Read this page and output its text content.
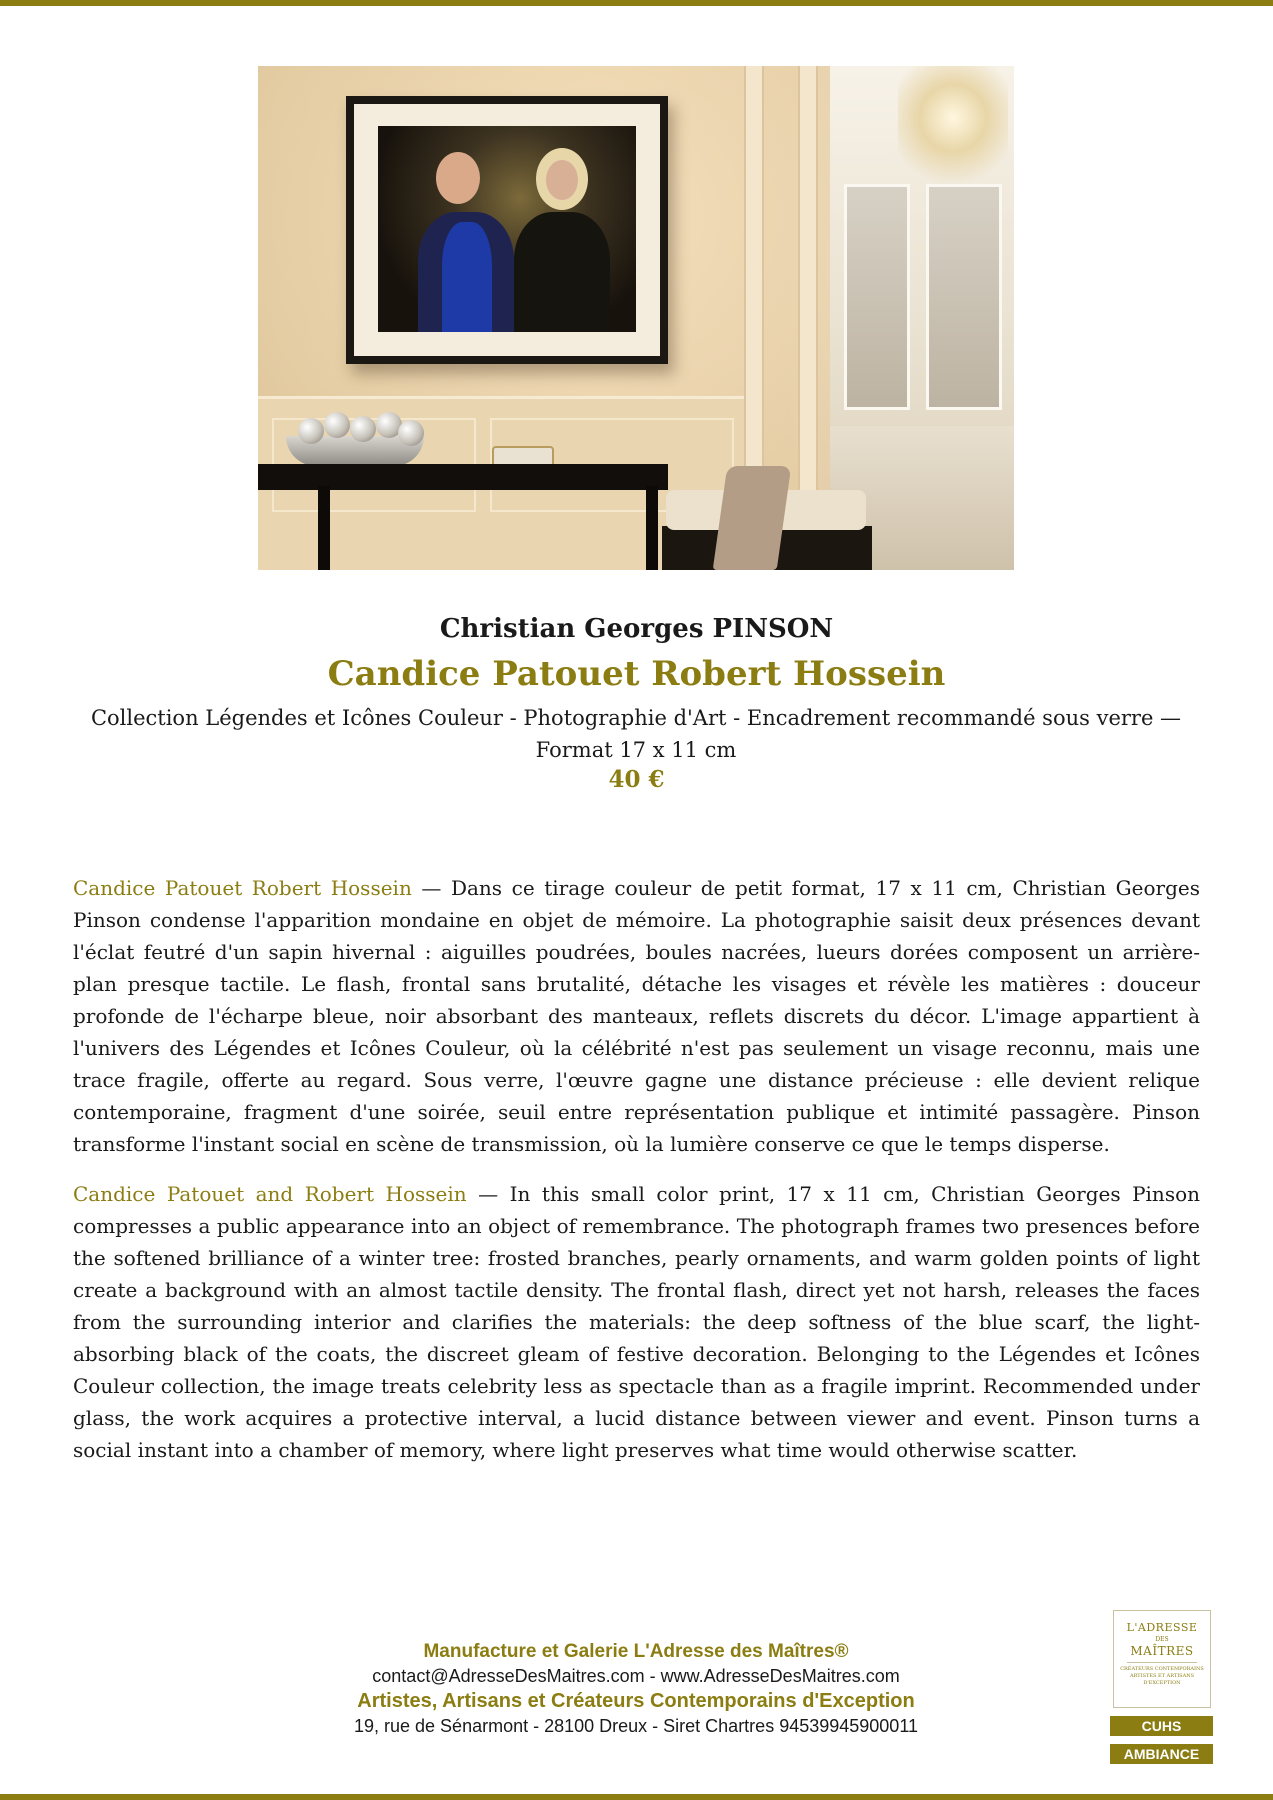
Christian Georges PINSON
Candice Patouet Robert Hossein
Collection Légendes et Icônes Couleur - Photographie d'Art - Encadrement recommandé sous verre — Format 17 x 11 cm
40 €

Candice Patouet Robert Hossein — Dans ce tirage couleur de petit format, 17 x 11 cm, Christian Georges Pinson condense l'apparition mondaine en objet de mémoire. La photographie saisit deux présences devant l'éclat feutré d'un sapin hivernal : aiguilles poudrées, boules nacrées, lueurs dorées composent un arrière-plan presque tactile. Le flash, frontal sans brutalité, détache les visages et révèle les matières : douceur profonde de l'écharpe bleue, noir absorbant des manteaux, reflets discrets du décor. L'image appartient à l'univers des Légendes et Icônes Couleur, où la célébrité n'est pas seulement un visage reconnu, mais une trace fragile, offerte au regard. Sous verre, l'œuvre gagne une distance précieuse : elle devient relique contemporaine, fragment d'une soirée, seuil entre représentation publique et intimité passagère. Pinson transforme l'instant social en scène de transmission, où la lumière conserve ce que le temps disperse.

Candice Patouet and Robert Hossein — In this small color print, 17 x 11 cm, Christian Georges Pinson compresses a public appearance into an object of remembrance. The photograph frames two presences before the softened brilliance of a winter tree: frosted branches, pearly ornaments, and warm golden points of light create a background with an almost tactile density. The frontal flash, direct yet not harsh, releases the faces from the surrounding interior and clarifies the materials: the deep softness of the blue scarf, the light-absorbing black of the coats, the discreet gleam of festive decoration. Belonging to the Légendes et Icônes Couleur collection, the image treats celebrity less as spectacle than as a fragile imprint. Recommended under glass, the work acquires a protective interval, a lucid distance between viewer and event. Pinson turns a social instant into a chamber of memory, where light preserves what time would otherwise scatter.

Manufacture et Galerie L'Adresse des Maîtres®
contact@AdresseDesMaitres.com - www.AdresseDesMaitres.com
Artistes, Artisans et Créateurs Contemporains d'Exception
19, rue de Sénarmont - 28100 Dreux - Siret Chartres 94539945900011
L'ADRESSE
DES
MAÎTRES
CRÉATEURS CONTEMPORAINS ARTISTES ET ARTISANS D'EXCEPTION
CUHS
AMBIANCE
